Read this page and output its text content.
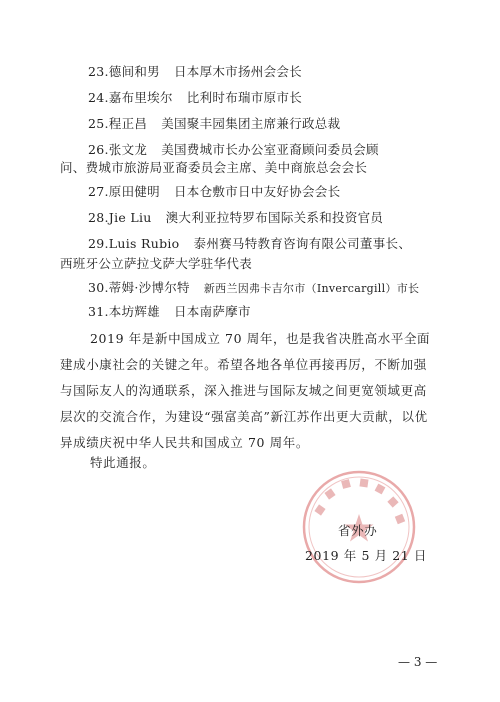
23.德间和男 日本厚木市扬州会会长
24.嘉布里埃尔 比利时布瑞市原市长
25.程正昌 美国聚丰园集团主席兼行政总裁
26.张文龙 美国费城市长办公室亚裔顾问委员会顾
问、费城市旅游局亚裔委员会主席、美中商旅总会会长
27.原田健明 日本仓敷市日中友好协会会长
28.Jie Liu 澳大利亚拉特罗布国际关系和投资官员
29.Luis Rubio 泰州赛马特教育咨询有限公司董事长、
西班牙公立萨拉戈萨大学驻华代表
30.蒂姆·沙博尔特 新西兰因弗卡吉尔市（Invercargill）市长
31.本坊辉雄 日本南萨摩市
2019 年是新中国成立 70 周年，也是我省决胜高水平全面建成小康社会的关键之年。希望各地各单位再接再厉，不断加强与国际友人的沟通联系，深入推进与国际友城之间更宽领域更高层次的交流合作，为建设“强富美高”新江苏作出更大贡献，以优异成绩庆祝中华人民共和国成立 70 周年。
特此通报。
省外办
2019 年 5 月 21 日
— 3 —
